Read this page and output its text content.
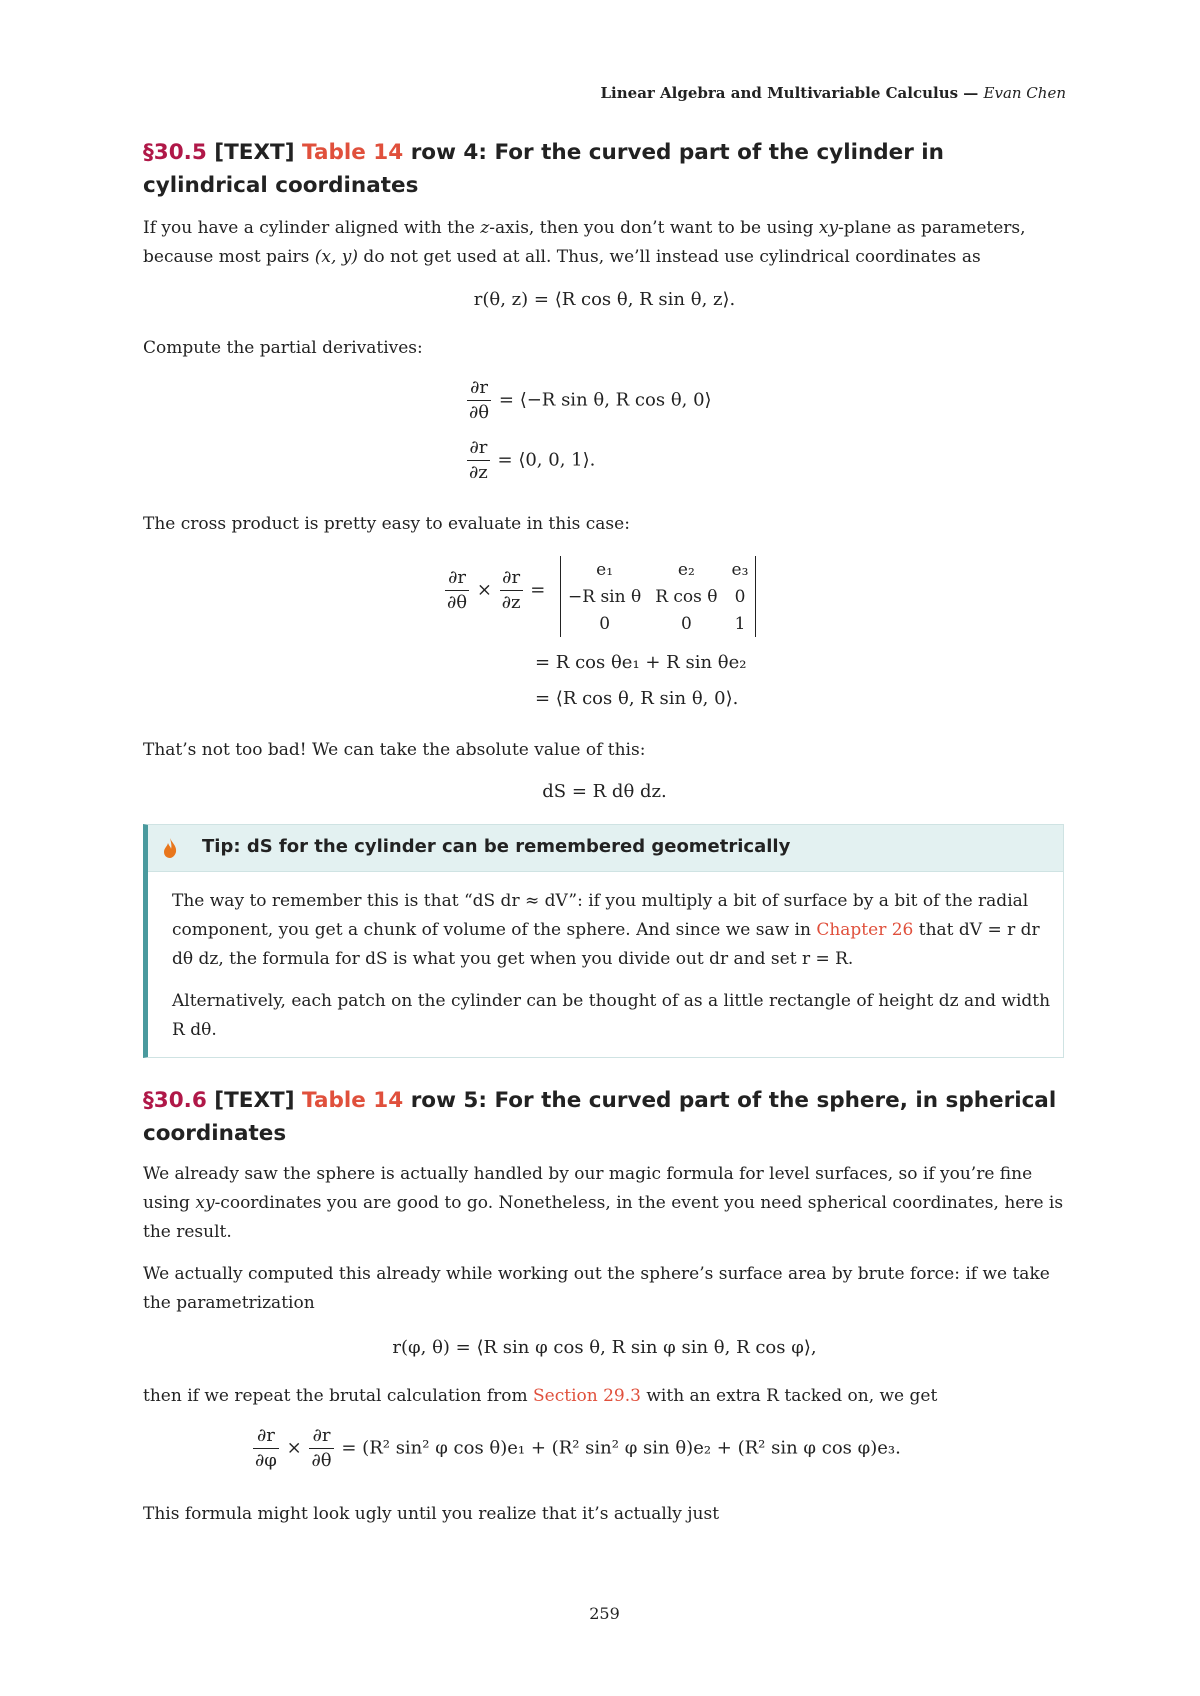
Linear Algebra and Multivariable Calculus — Evan Chen
§30.5 [TEXT] Table 14 row 4: For the curved part of the cylinder in cylindrical coordinates
If you have a cylinder aligned with the z-axis, then you don’t want to be using xy-plane as parameters, because most pairs (x, y) do not get used at all. Thus, we’ll instead use cylindrical coordinates as
r(θ, z) = ⟨R cos θ, R sin θ, z⟩.
Compute the partial derivatives:
$\frac{\partial r}{\partial\theta}$ = ⟨−R sin θ, R cos θ, 0⟩
$\frac{\partial r}{\partial z}$ = ⟨0, 0, 1⟩.
The cross product is pretty easy to evaluate in this case:
$\frac{\partial r}{\partial\theta} \times \frac{\partial r}{\partial z}$ =
e₁	e₂	e₃
−R sin θ	R cos θ	0
0	0	1
= R cos θe₁ + R sin θe₂
= ⟨R cos θ, R sin θ, 0⟩.
That’s not too bad! We can take the absolute value of this:
dS = R dθ dz.
Tip: dS for the cylinder can be remembered geometrically
The way to remember this is that “dS dr ≈ dV”: if you multiply a bit of surface by a bit of the radial component, you get a chunk of volume of the sphere. And since we saw in Chapter 26 that dV = r dr dθ dz, the formula for dS is what you get when you divide out dr and set r = R.
Alternatively, each patch on the cylinder can be thought of as a little rectangle of height dz and width R dθ.
§30.6 [TEXT] Table 14 row 5: For the curved part of the sphere, in spherical coordinates
We already saw the sphere is actually handled by our magic formula for level surfaces, so if you’re fine using xy-coordinates you are good to go. Nonetheless, in the event you need spherical coordinates, here is the result.
We actually computed this already while working out the sphere’s surface area by brute force: if we take the parametrization
r(φ, θ) = ⟨R sin φ cos θ, R sin φ sin θ, R cos φ⟩,
then if we repeat the brutal calculation from Section 29.3 with an extra R tacked on, we get
$\frac{\partial r}{\partial\varphi} \times \frac{\partial r}{\partial\theta} = (R^2$ sin² φ cos θ)e₁ + (R² sin² φ sin θ)e₂ + (R² sin φ cos φ)e₃.
This formula might look ugly until you realize that it’s actually just
259
